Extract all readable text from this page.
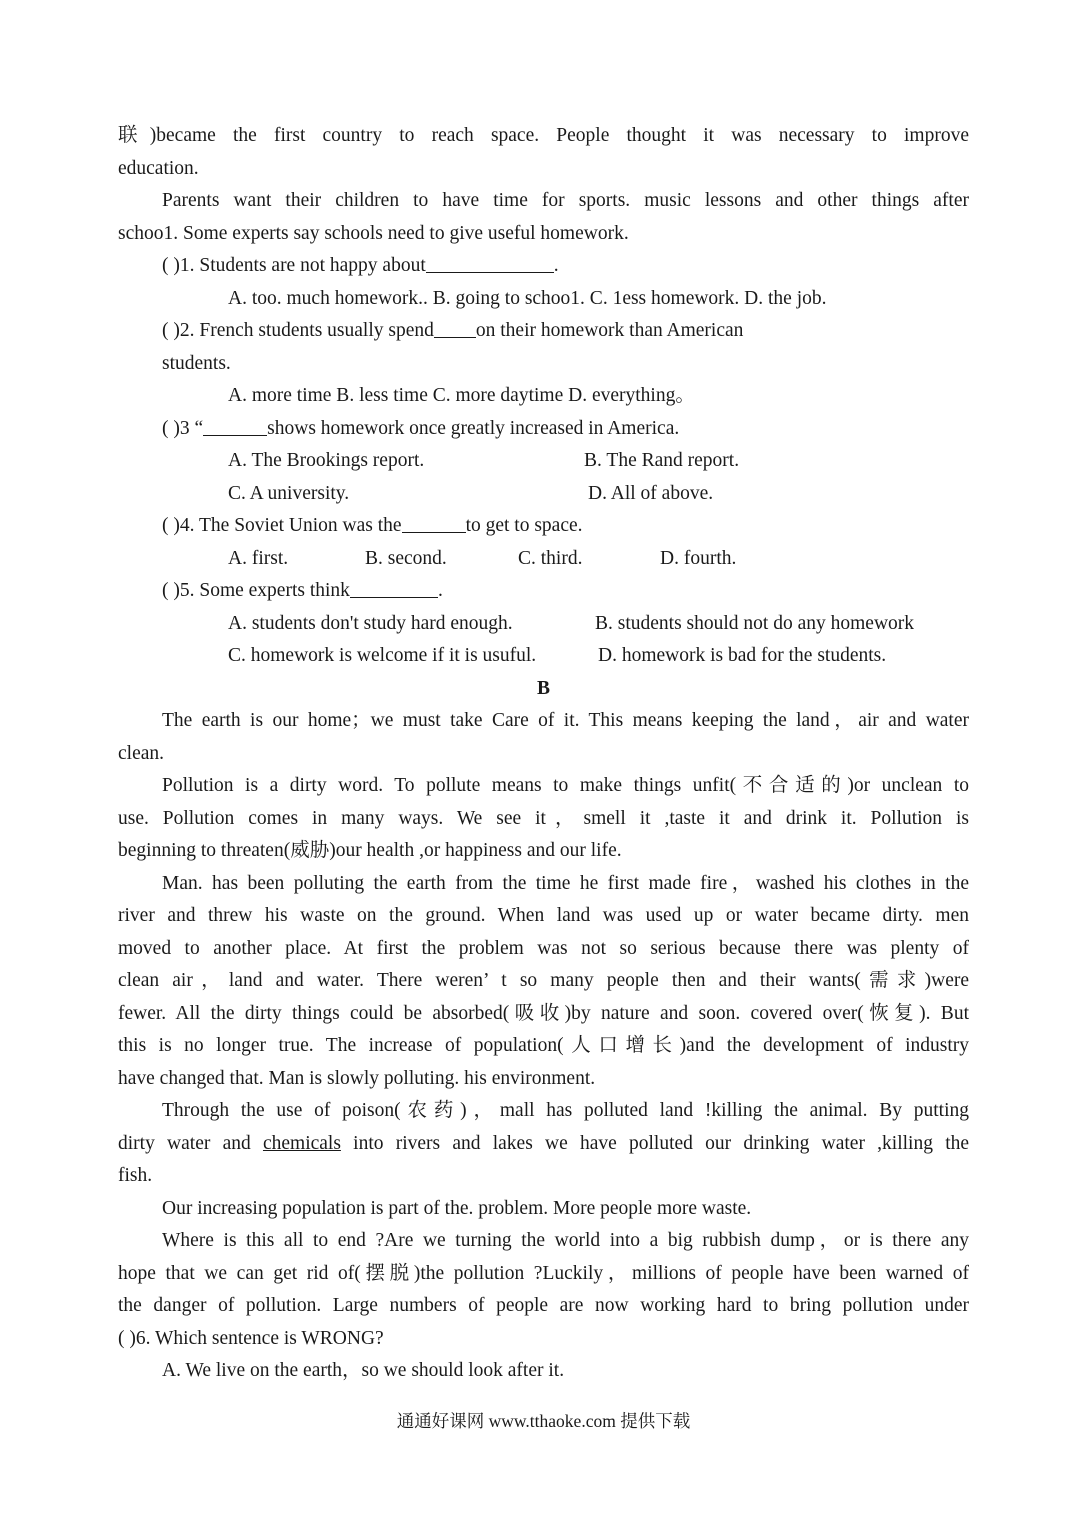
联)became the first country to reach space. People thought it was necessary to improve
education.
Parents want their children to have time for sports. music lessons and other things after
schoo1. Some experts say schools need to give useful homework.
( )1. Students are not happy about	.
A. too. much homework.. B. going to schoo1. C. 1ess homework. D. the job.
( )2. French students usually spend on their homework than American
students.
A. more time B. less time C. more daytime D. everything。
( )3 “	shows homework once greatly increased in America.
A. The Brookings report.	B. The Rand report.
C. A university.	D. All of above.
( )4. The Soviet Union was the	to get to space.
A. first.	B. second.	C. third.	D. fourth.
( )5. Some experts think	.
A. students don't study hard enough.	B. students should not do any homework
C. homework is welcome if it is usuful.	D. homework is bad for the students.
B
The earth is our home；we must take Care of it. This means keeping the land，air and water
clean.
Pollution is a dirty word. To pollute means to make things unfit(不合适的)or unclean to
use. Pollution comes in many ways. We see it，smell it ,taste it and drink it. Pollution is
beginning to threaten(威胁)our health ,or happiness and our life.
Man. has been polluting the earth from the time he first made fire，washed his clothes in the
river and threw his waste on the ground. When land was used up or water became dirty. men
moved to another place. At first the problem was not so serious because there was plenty of
clean air，land and water. There weren’ t so many people then and their wants(需求)were
fewer. All the dirty things could be absorbed(吸收)by nature and soon. covered over(恢复). But
this is no longer true. The increase of population(人口增长)and the development of industry
have changed that. Man is slowly polluting. his environment.
Through the use of poison(农药)，mall has polluted land !killing the animal. By putting
dirty water and chemicals into rivers and lakes we have polluted our drinking water ,killing the
fish.
Our increasing population is part of the. problem. More people more waste.
Where is this all to end ?Are we turning the world into a big rubbish dump，or is there any
hope that we can get rid of(摆脱)the pollution ?Luckily，millions of people have been warned of
the danger of pollution. Large numbers of people are now working hard to bring pollution under
( )6. Which sentence is WRONG?
A. We live on the earth，so we should look after it.
通通好课网 www.tthaoke.com 提供下载
